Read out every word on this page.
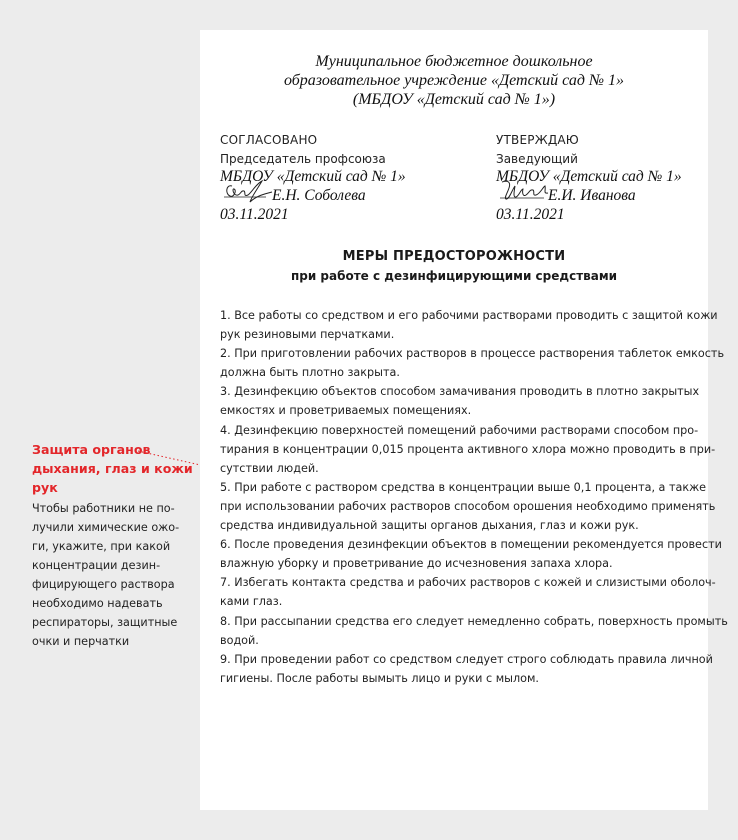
Защита органов
дыхания, глаз и кожи
рук
Чтобы работники не по-
лучили химические ожо-
ги, укажите, при какой
концентрации дезин-
фицирующего раствора
необходимо надевать
респираторы, защитные
очки и перчатки
Муниципальное бюджетное дошкольное
образовательное учреждение «Детский сад № 1»
(МБДОУ «Детский сад № 1»)
СОГЛАСОВАНО
Председатель профсоюза
МБДОУ «Детский сад № 1»
Е.Н. Соболева
03.11.2021
УТВЕРЖДАЮ
Заведующий
МБДОУ «Детский сад № 1»
Е.И. Иванова
03.11.2021
МЕРЫ ПРЕДОСТОРОЖНОСТИ
при работе с дезинфицирующими средствами
1. Все работы со средством и его рабочими растворами проводить с защитой кожи
рук резиновыми перчатками.
2. При приготовлении рабочих растворов в процессе растворения таблеток емкость
должна быть плотно закрыта.
3. Дезинфекцию объектов способом замачивания проводить в плотно закрытых
емкостях и проветриваемых помещениях.
4. Дезинфекцию поверхностей помещений рабочими растворами способом про-
тирания в концентрации 0,015 процента активного хлора можно проводить в при-
сутствии людей.
5. При работе с раствором средства в концентрации выше 0,1 процента, а также
при использовании рабочих растворов способом орошения необходимо применять
средства индивидуальной защиты органов дыхания, глаз и кожи рук.
6. После проведения дезинфекции объектов в помещении рекомендуется провести
влажную уборку и проветривание до исчезновения запаха хлора.
7. Избегать контакта средства и рабочих растворов с кожей и слизистыми оболоч-
ками глаз.
8. При рассыпании средства его следует немедленно собрать, поверхность промыть
водой.
9. При проведении работ со средством следует строго соблюдать правила личной
гигиены. После работы вымыть лицо и руки с мылом.
